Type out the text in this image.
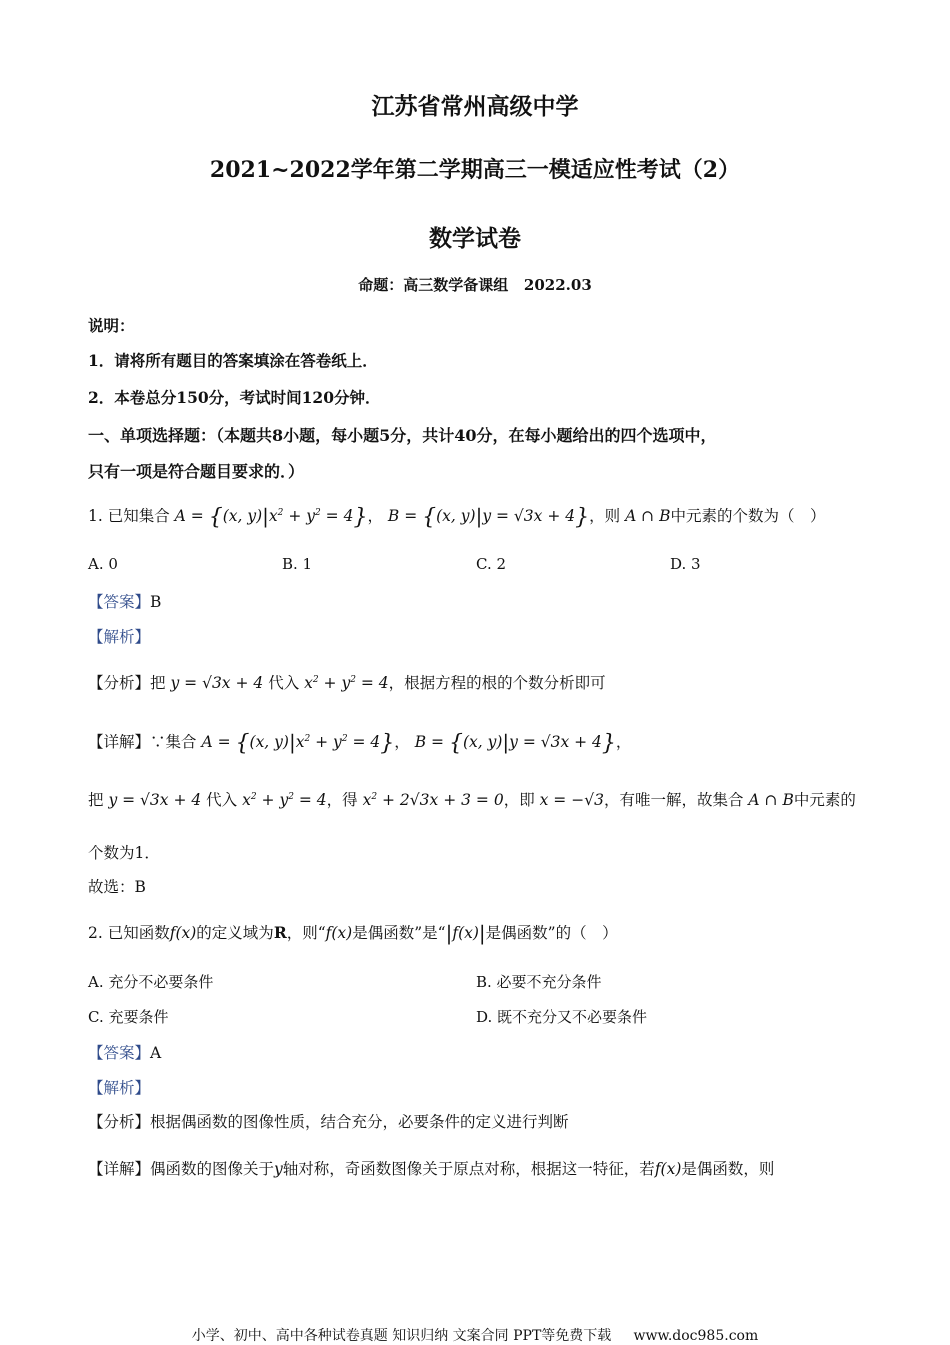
江苏省常州高级中学
2021~2022学年第二学期高三一模适应性考试（2）
数学试卷
命题：高三数学备课组 2022.03
说明：
1．请将所有题目的答案填涂在答卷纸上．
2．本卷总分150分，考试时间120分钟．
一、单项选择题：（本题共8小题，每小题5分，共计40分，在每小题给出的四个选项中，
只有一项是符合题目要求的．）
1. 已知集合 A = {(x, $y)|x^2 + y^2 = 4$}， B = {(x, y)|y = √3x + 4}，则 A ∩ B中元素的个数为（　）
A. 0	B. 1	C. 2	D. 3
【答案】B
【解析】
【分析】把 y = √3x + 4 代入 $x^2 + y^2 = 4$，根据方程的根的个数分析即可
【详解】∵集合 A = {(x, $y)|x^2 + y^2 = 4$}， B = {(x, y)|y = √3x + 4}，
把 y = √3x + 4 代入 $x^2 + y^2 = 4$，得 $x^2 + 2√3x + 3 = 0$，即 x = −√3，有唯一解，故集合 A ∩ B中元素的
个数为1．
故选：B
2. 已知函数f(x)的定义域为R，则“f(x)是偶函数”是“|f(x)|是偶函数”的（　）
A. 充分不必要条件	B. 必要不充分条件
C. 充要条件	D. 既不充分又不必要条件
【答案】A
【解析】
【分析】根据偶函数的图像性质，结合充分，必要条件的定义进行判断
【详解】偶函数的图像关于y轴对称，奇函数图像关于原点对称，根据这一特征，若f(x)是偶函数，则
小学、初中、高中各种试卷真题 知识归纳 文案合同 PPT等免费下载 www.doc985.com
